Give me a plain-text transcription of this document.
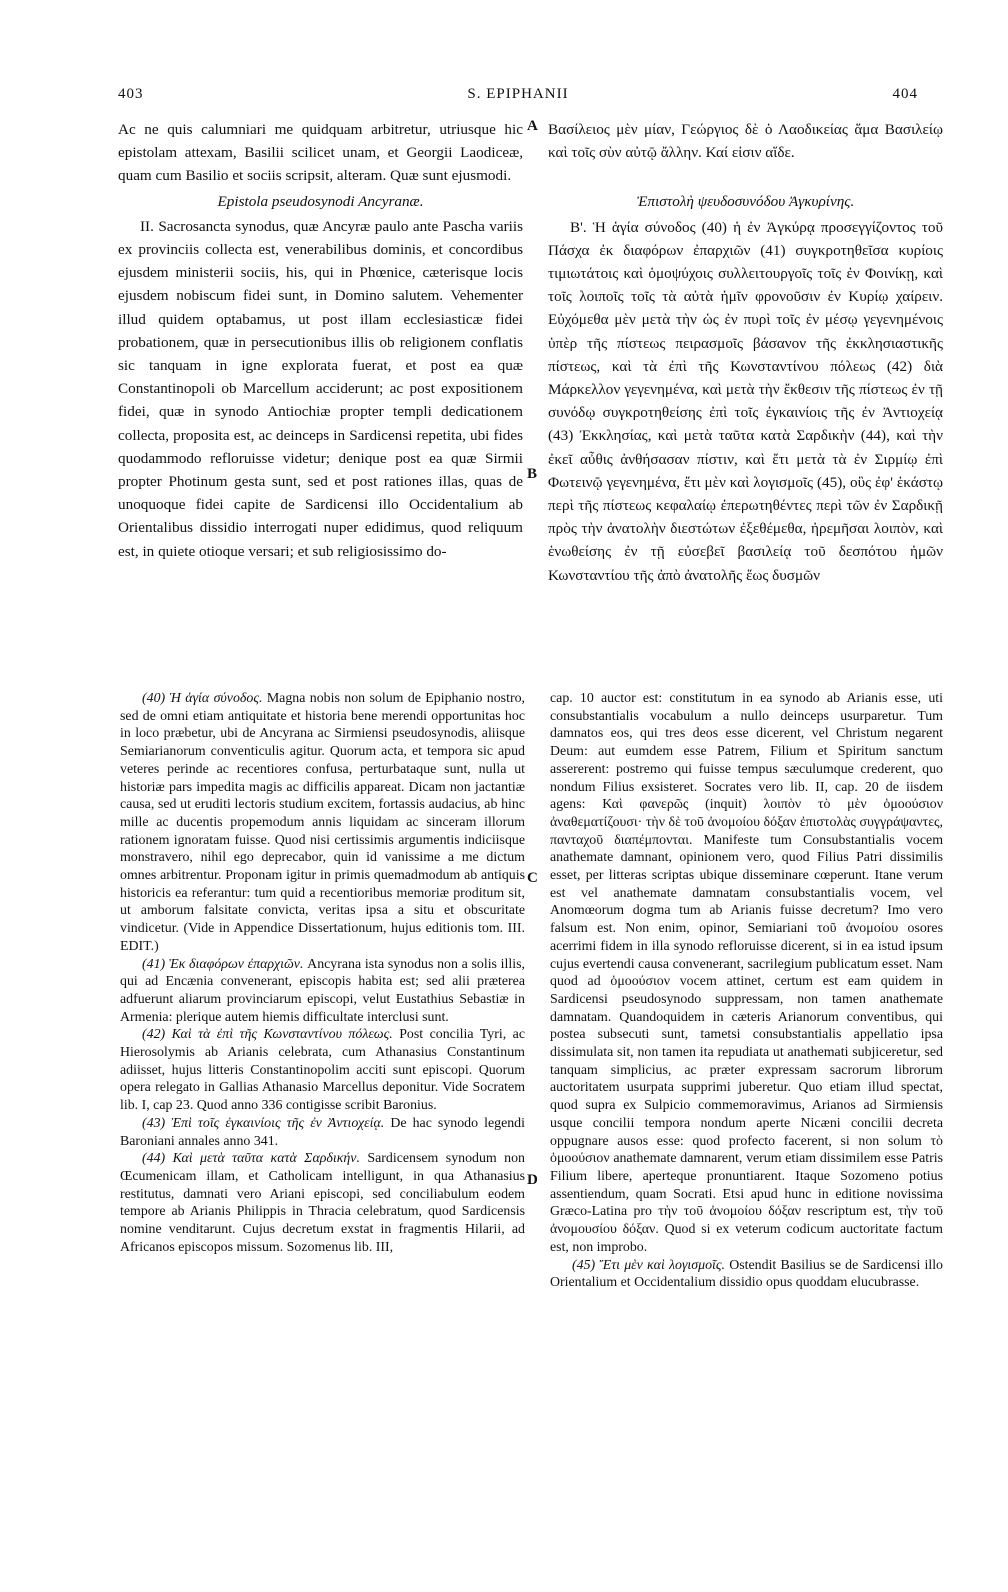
403	S. EPIPHANII	404
A
B
C
D

Ac ne quis calumniari me quidquam arbitretur, utriusque hic epistolam attexam, Basilii scilicet unam, et Georgii Laodiceæ, quam cum Basilio et sociis scripsit, alteram. Quæ sunt ejusmodi.

Epistola pseudosynodi Ancyranæ.

II. Sacrosancta synodus, quæ Ancyræ paulo ante Pascha variis ex provinciis collecta est, venerabilibus dominis, et concordibus ejusdem ministerii sociis, his, qui in Phœnice, cæterisque locis ejusdem nobiscum fidei sunt, in Domino salutem. Vehementer illud quidem optabamus, ut post illam ecclesiasticæ fidei probationem, quæ in persecutionibus illis ob religionem conflatis sic tanquam in igne explorata fuerat, et post ea quæ Constantinopoli ob Marcellum acciderunt; ac post expositionem fidei, quæ in synodo Antiochiæ propter templi dedicationem collecta, proposita est, ac deinceps in Sardicensi repetita, ubi fides quodammodo refloruisse videtur; denique post ea quæ Sirmii propter Photinum gesta sunt, sed et post rationes illas, quas de unoquoque fidei capite de Sardicensi illo Occidentalium ab Orientalibus dissidio interrogati nuper edidimus, quod reliquum est, in quiete otioque versari; et sub religiosissimo do-

Βασίλειος μὲν μίαν, Γεώργιος δὲ ὁ Λαοδικείας ἅμα Βασιλείῳ καὶ τοῖς σὺν αὐτῷ ἄλλην. Καί εἰσιν αἵδε.

Ἐπιστολὴ ψευδοσυνόδου Ἀγκυρίνης.

Β'. Ἡ ἁγία σύνοδος (40) ἡ ἐν Ἀγκύρᾳ προσεγγίζοντος τοῦ Πάσχα ἐκ διαφόρων ἐπαρχιῶν (41) συγκροτηθεῖσα κυρίοις τιμιωτάτοις καὶ ὁμοψύχοις συλλειτουργοῖς τοῖς ἐν Φοινίκῃ, καὶ τοῖς λοιποῖς τοῖς τὰ αὐτὰ ἡμῖν φρονοῦσιν ἐν Κυρίῳ χαίρειν. Εὐχόμεθα μὲν μετὰ τὴν ὡς ἐν πυρὶ τοῖς ἐν μέσῳ γεγενημένοις ὑπὲρ τῆς πίστεως πειρασμοῖς βάσανον τῆς ἐκκλησιαστικῆς πίστεως, καὶ τὰ ἐπὶ τῆς Κωνσταντίνου πόλεως (42) διὰ Μάρκελλον γεγενημένα, καὶ μετὰ τὴν ἔκθεσιν τῆς πίστεως ἐν τῇ συνόδῳ συγκροτηθείσης ἐπὶ τοῖς ἐγκαινίοις τῆς ἐν Ἀντιοχείᾳ (43) Ἐκκλησίας, καὶ μετὰ ταῦτα κατὰ Σαρδικὴν (44), καὶ τὴν ἐκεῖ αὖθις ἀνθήσασαν πίστιν, καὶ ἔτι μετὰ τὰ ἐν Σιρμίῳ ἐπὶ Φωτεινῷ γεγενημένα, ἔτι μὲν καὶ λογισμοῖς (45), οὓς ἐφ' ἑκάστῳ περὶ τῆς πίστεως κεφαλαίῳ ἐπερωτηθέντες περὶ τῶν ἐν Σαρδικῇ πρὸς τὴν ἀνατολὴν διεστώτων ἐξεθέμεθα, ἠρεμῆσαι λοιπὸν, καὶ ἑνωθείσης ἐν τῇ εὐσεβεῖ βασιλείᾳ τοῦ δεσπότου ἡμῶν Κωνσταντίου τῆς ἀπὸ ἀνατολῆς ἕως δυσμῶν

(40) Ἡ ἁγία σύνοδος. Magna nobis non solum de Epiphanio nostro, sed de omni etiam antiquitate et historia bene merendi opportunitas hoc in loco præbetur, ubi de Ancyrana ac Sirmiensi pseudosynodis, aliisque Semiarianorum conventiculis agitur. Quorum acta, et tempora sic apud veteres perinde ac recentiores confusa, perturbataque sunt, nulla ut historiæ pars impedita magis ac difficilis appareat. Dicam non jactantiæ causa, sed ut eruditi lectoris studium excitem, fortassis audacius, ab hinc mille ac ducentis propemodum annis liquidam ac sinceram illorum rationem ignoratam fuisse. Quod nisi certissimis argumentis indiciisque monstravero, nihil ego deprecabor, quin id vanissime a me dictum omnes arbitrentur. Proponam igitur in primis quemadmodum ab antiquis historicis ea referantur: tum quid a recentioribus memoriæ proditum sit, ut amborum falsitate convicta, veritas ipsa a situ et obscuritate vindicetur. (Vide in Appendice Dissertationum, hujus editionis tom. III. EDIT.)

(41) Ἐκ διαφόρων ἐπαρχιῶν. Ancyrana ista synodus non a solis illis, qui ad Encænia convenerant, episcopis habita est; sed alii præterea adfuerunt aliarum provinciarum episcopi, velut Eustathius Sebastiæ in Armenia: plerique autem hiemis difficultate interclusi sunt.

(42) Καὶ τὰ ἐπὶ τῆς Κωνσταντίνου πόλεως. Post concilia Tyri, ac Hierosolymis ab Arianis celebrata, cum Athanasius Constantinum adiisset, hujus litteris Constantinopolim acciti sunt episcopi. Quorum opera relegato in Gallias Athanasio Marcellus deponitur. Vide Socratem lib. I, cap 23. Quod anno 336 contigisse scribit Baronius.

(43) Ἐπὶ τοῖς ἐγκαινίοις τῆς ἐν Ἀντιοχείᾳ. De hac synodo legendi Baroniani annales anno 341.

(44) Καὶ μετὰ ταῦτα κατὰ Σαρδικήν. Sardicensem synodum non Œcumenicam illam, et Catholicam intelligunt, in qua Athanasius restitutus, damnati vero Ariani episcopi, sed conciliabulum eodem tempore ab Arianis Philippis in Thracia celebratum, quod Sardicensis nomine venditarunt. Cujus decretum exstat in fragmentis Hilarii, ad Africanos episcopos missum. Sozomenus lib. III,

cap. 10 auctor est: constitutum in ea synodo ab Arianis esse, uti consubstantialis vocabulum a nullo deinceps usurparetur. Tum damnatos eos, qui tres deos esse dicerent, vel Christum negarent Deum: aut eumdem esse Patrem, Filium et Spiritum sanctum assererent: postremo qui fuisse tempus sæculumque crederent, quo nondum Filius exsisteret. Socrates vero lib. II, cap. 20 de iisdem agens: Καὶ φανερῶς (inquit) λοιπὸν τὸ μὲν ὁμοούσιον ἀναθεματίζουσι· τὴν δὲ τοῦ ἀνομοίου δόξαν ἐπιστολὰς συγγράψαντες, πανταχοῦ διαπέμπονται. Manifeste tum Consubstantialis vocem anathemate damnant, opinionem vero, quod Filius Patri dissimilis esset, per litteras scriptas ubique disseminare cœperunt. Itane verum est vel anathemate damnatam consubstantialis vocem, vel Anomœorum dogma tum ab Arianis fuisse decretum? Imo vero falsum est. Non enim, opinor, Semiariani τοῦ ἀνομοίου osores acerrimi fidem in illa synodo refloruisse dicerent, si in ea istud ipsum cujus evertendi causa convenerant, sacrilegium publicatum esset. Nam quod ad ὁμοούσιον vocem attinet, certum est eam quidem in Sardicensi pseudosynodo suppressam, non tamen anathemate damnatam. Quandoquidem in cæteris Arianorum conventibus, qui postea subsecuti sunt, tametsi consubstantialis appellatio ipsa dissimulata sit, non tamen ita repudiata ut anathemati subjiceretur, sed tanquam simplicius, ac præter expressam sacrorum librorum auctoritatem usurpata supprimi juberetur. Quo etiam illud spectat, quod supra ex Sulpicio commemoravimus, Arianos ad Sirmiensis usque concilii tempora nondum aperte Nicæni concilii decreta oppugnare ausos esse: quod profecto facerent, si non solum τὸ ὁμοούσιον anathemate damnarent, verum etiam dissimilem esse Patris Filium libere, aperteque pronuntiarent. Itaque Sozomeno potius assentiendum, quam Socrati. Etsi apud hunc in editione novissima Græco-Latina pro τὴν τοῦ ἀνομοίου δόξαν rescriptum est, τὴν τοῦ ἀνομουσίου δόξαν. Quod si ex veterum codicum auctoritate factum est, non improbo.

(45) Ἔτι μὲν καὶ λογισμοῖς. Ostendit Basilius se de Sardicensi illo Orientalium et Occidentalium dissidio opus quoddam elucubrasse.
